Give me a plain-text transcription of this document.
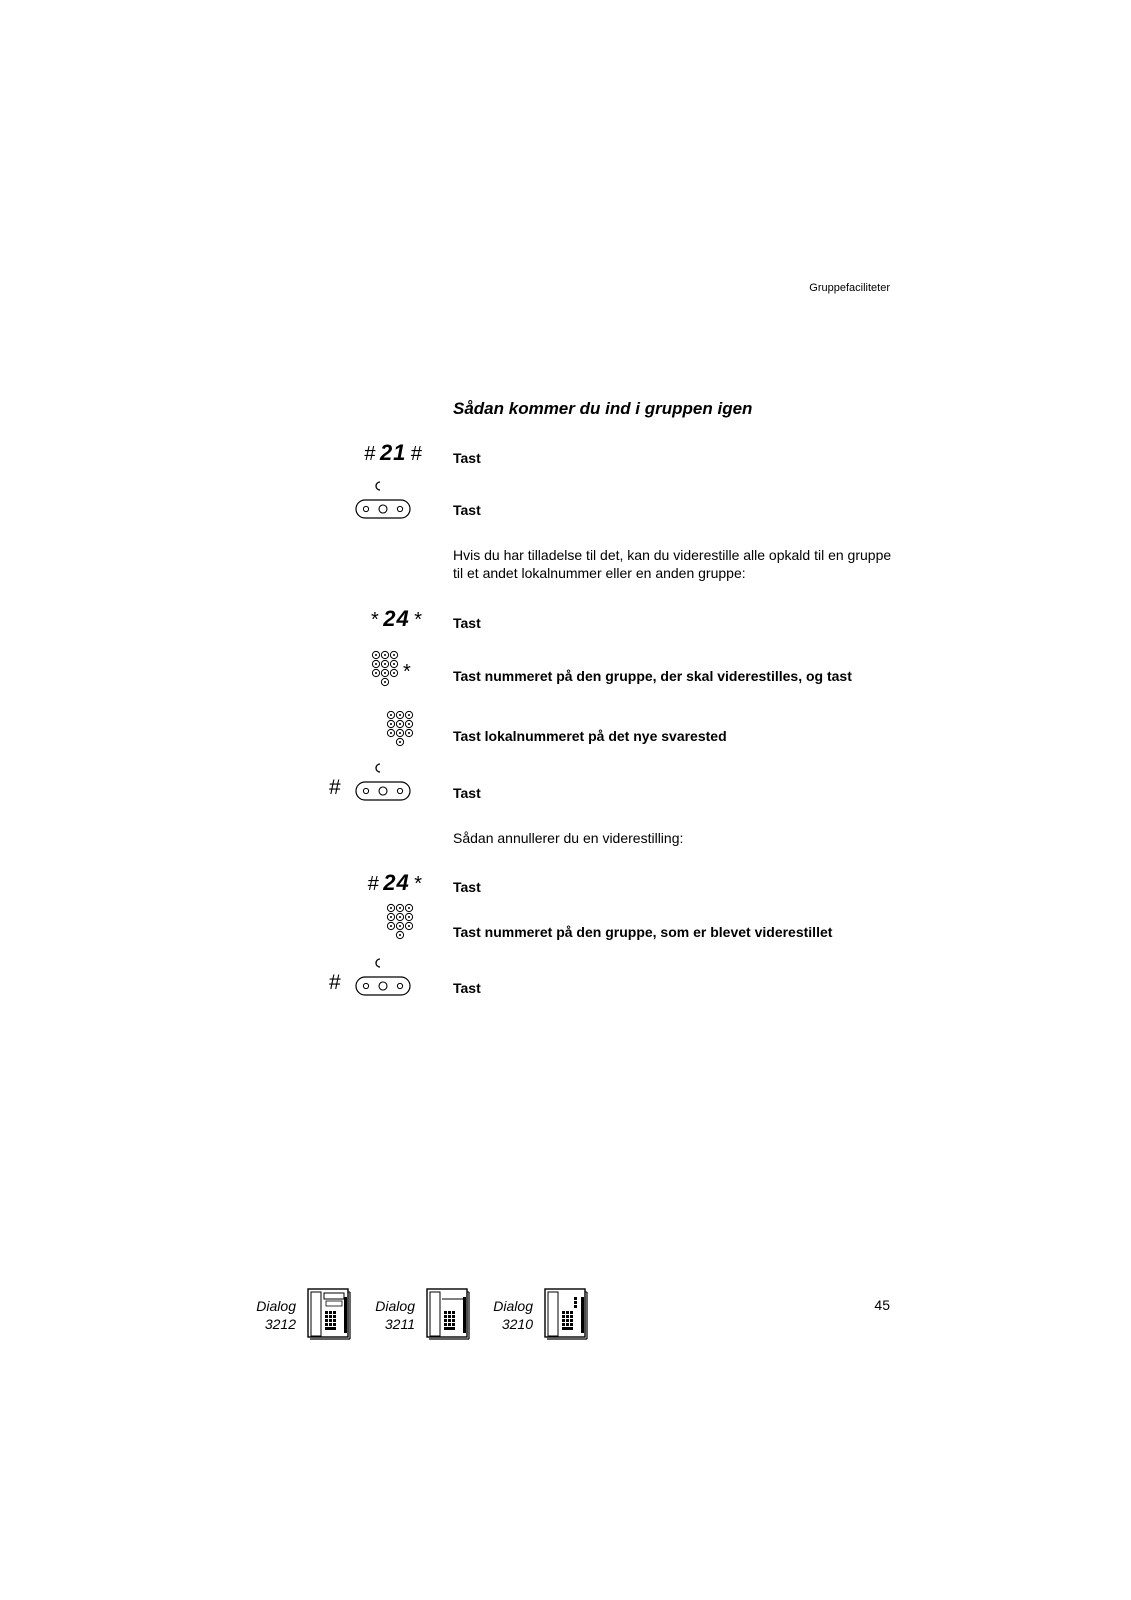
Gruppefaciliteter
Sådan kommer du ind i gruppen igen
# 21 # Tast
Tast
Hvis du har tilladelse til det, kan du viderestille alle opkald til en gruppe til et andet lokalnummer eller en anden gruppe:
* 24 * Tast
*	Tast nummeret på den gruppe, der skal viderestilles, og tast
Tast lokalnummeret på det nye svarested
#	Tast
Sådan annullerer du en viderestilling:
# 24 * Tast
Tast nummeret på den gruppe, som er blevet viderestillet
#	Tast
Dialog
3212
Dialog
3211
Dialog
3210
45
